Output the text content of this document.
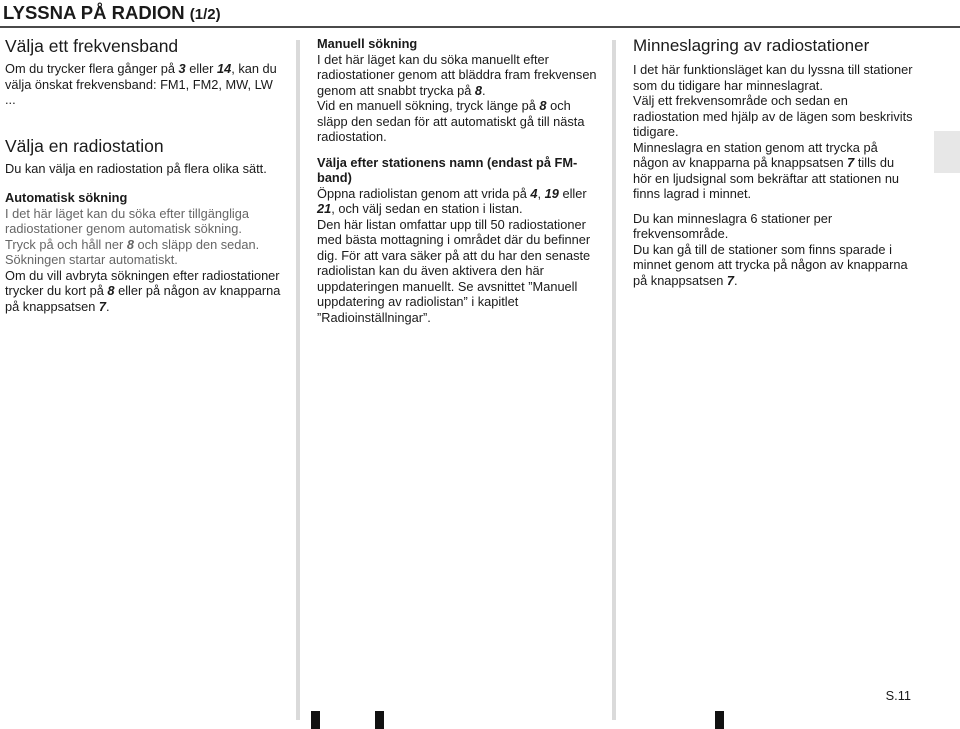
LYSSNA PÅ RADION (1/2)
Välja ett frekvensband

Om du trycker flera gånger på 3 eller 14, kan du välja önskat frekvensband: FM1, FM2, MW, LW ...

Välja en radiostation

Du kan välja en radiostation på flera olika sätt.

Automatisk sökning

I det här läget kan du söka efter tillgängliga radiostationer genom automatisk sökning.

Tryck på och håll ner 8 och släpp den sedan.

Sökningen startar automatiskt.

Om du vill avbryta sökningen efter radiostationer trycker du kort på 8 eller på någon av knapparna på knappsatsen 7.

Manuell sökning

I det här läget kan du söka manuellt efter radiostationer genom att bläddra fram frekvensen genom att snabbt trycka på 8.

Vid en manuell sökning, tryck länge på 8 och släpp den sedan för att automatiskt gå till nästa radiostation.

Välja efter stationens namn (endast på FM-band)

Öppna radiolistan genom att vrida på 4, 19 eller 21, och välj sedan en station i listan.

Den här listan omfattar upp till 50 radiostationer med bästa mottagning i området där du befinner dig. För att vara säker på att du har den senaste radiolistan kan du även aktivera den här uppdateringen manuellt. Se avsnittet ”Manuell uppdatering av radiolistan” i kapitlet ”Radioinställningar”.

Minneslagring av radiostationer

I det här funktionsläget kan du lyssna till stationer som du tidigare har minneslagrat.

Välj ett frekvensområde och sedan en radiostation med hjälp av de lägen som beskrivits tidigare.

Minneslagra en station genom att trycka på någon av knapparna på knappsatsen 7 tills du hör en ljudsignal som bekräftar att stationen nu finns lagrad i minnet.

Du kan minneslagra 6 stationer per frekvensområde.

Du kan gå till de stationer som finns sparade i minnet genom att trycka på någon av knapparna på knappsatsen 7.

S.11
